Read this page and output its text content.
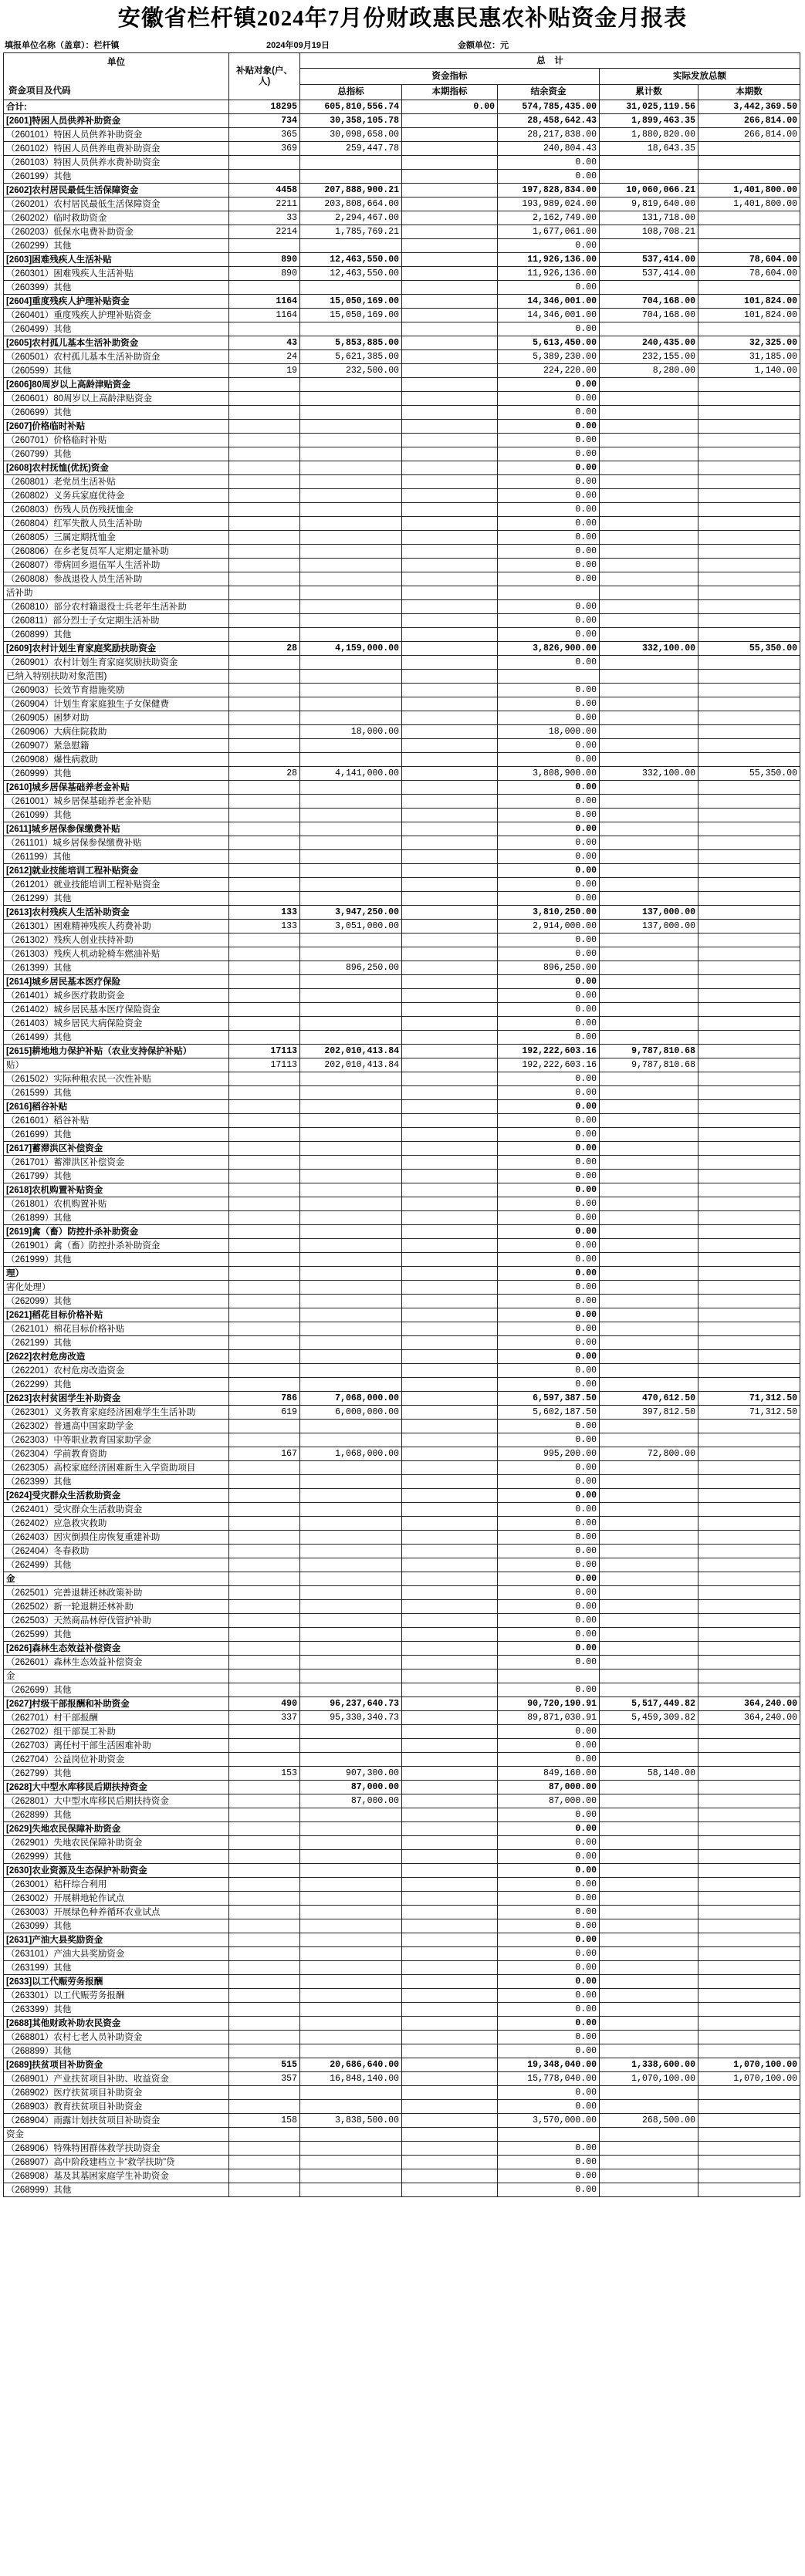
安徽省栏杆镇2024年7月份财政惠民惠农补贴资金月报表
填报单位名称（盖章）：栏杆镇	2024年09月19日	金额单位：元
单位
资金项目及代码	补贴对象(户、人)	总　计				
		资金指标			实际发放总额	
		总指标	本期指标	结余资金	累计数	本期数
合计:	18295	605,810,556.74	0.00	574,785,435.00	31,025,119.56	3,442,369.50
[2601]特困人员供养补助资金	734	30,358,105.78		28,458,642.43	1,899,463.35	266,814.00
（260101）特困人员供养补助资金	365	30,098,658.00		28,217,838.00	1,880,820.00	266,814.00
（260102）特困人员供养电费补助资金	369	259,447.78		240,804.43	18,643.35	
（260103）特困人员供养水费补助资金				0.00		
（260199）其他				0.00		
[2602]农村居民最低生活保障资金	4458	207,888,900.21		197,828,834.00	10,060,066.21	1,401,800.00
（260201）农村居民最低生活保障资金	2211	203,808,664.00		193,989,024.00	9,819,640.00	1,401,800.00
（260202）临时救助资金	33	2,294,467.00		2,162,749.00	131,718.00	
（260203）低保水电费补助资金	2214	1,785,769.21		1,677,061.00	108,708.21	
（260299）其他				0.00		
[2603]困难残疾人生活补贴	890	12,463,550.00		11,926,136.00	537,414.00	78,604.00
（260301）困难残疾人生活补贴	890	12,463,550.00		11,926,136.00	537,414.00	78,604.00
（260399）其他				0.00		
[2604]重度残疾人护理补贴资金	1164	15,050,169.00		14,346,001.00	704,168.00	101,824.00
（260401）重度残疾人护理补贴资金	1164	15,050,169.00		14,346,001.00	704,168.00	101,824.00
（260499）其他				0.00		
[2605]农村孤儿基本生活补助资金	43	5,853,885.00		5,613,450.00	240,435.00	32,325.00
（260501）农村孤儿基本生活补助资金	24	5,621,385.00		5,389,230.00	232,155.00	31,185.00
（260599）其他	19	232,500.00		224,220.00	8,280.00	1,140.00
[2606]80周岁以上高龄津贴资金				0.00		
（260601）80周岁以上高龄津贴资金				0.00		
（260699）其他				0.00		
[2607]价格临时补贴				0.00		
（260701）价格临时补贴				0.00		
（260799）其他				0.00		
[2608]农村抚恤(优抚)资金				0.00		
（260801）老党员生活补贴				0.00		
（260802）义务兵家庭优待金				0.00		
（260803）伤残人员伤残抚恤金				0.00		
（260804）红军失散人员生活补助				0.00		
（260805）三属定期抚恤金				0.00		
（260806）在乡老复员军人定期定量补助				0.00		
（260807）带病回乡退伍军人生活补助				0.00		
（260808）参战退役人员生活补助				0.00		
活补助						
（260810）部分农村籍退役士兵老年生活补助				0.00		
（260811）部分烈士子女定期生活补助				0.00		
（260899）其他				0.00		
[2609]农村计划生育家庭奖励扶助资金	28	4,159,000.00		3,826,900.00	332,100.00	55,350.00
（260901）农村计划生育家庭奖励扶助资金				0.00		
已纳入特别扶助对象范围)						
（260903）长效节育措施奖励				0.00		
（260904）计划生育家庭独生子女保健费				0.00		
（260905）困梦对助				0.00		
（260906）大病住院救助		18,000.00		18,000.00		
（260907）紧急慰籍				0.00		
（260908）爆性病救助				0.00		
（260999）其他	28	4,141,000.00		3,808,900.00	332,100.00	55,350.00
[2610]城乡居保基础养老金补贴				0.00		
（261001）城乡居保基础养老金补贴				0.00		
（261099）其他				0.00		
[2611]城乡居保参保缴费补贴				0.00		
（261101）城乡居保参保缴费补贴				0.00		
（261199）其他				0.00		
[2612]就业技能培训工程补贴资金				0.00		
（261201）就业技能培训工程补贴资金				0.00		
（261299）其他				0.00		
[2613]农村残疾人生活补助资金	133	3,947,250.00		3,810,250.00	137,000.00	
（261301）困难精神残疾人药费补助	133	3,051,000.00		2,914,000.00	137,000.00	
（261302）残疾人创业扶持补助				0.00		
（261303）残疾人机动轮椅车燃油补贴				0.00		
（261399）其他		896,250.00		896,250.00		
[2614]城乡居民基本医疗保险				0.00		
（261401）城乡医疗救助资金				0.00		
（261402）城乡居民基本医疗保险资金				0.00		
（261403）城乡居民大病保险资金				0.00		
（261499）其他				0.00		
[2615]耕地地力保护补贴（农业支持保护补贴）	17113	202,010,413.84		192,222,603.16	9,787,810.68	
贴）	17113	202,010,413.84		192,222,603.16	9,787,810.68	
（261502）实际种粮农民一次性补贴				0.00		
（261599）其他				0.00		
[2616]稻谷补贴				0.00		
（261601）稻谷补贴				0.00		
（261699）其他				0.00		
[2617]蓄滞洪区补偿资金				0.00		
（261701）蓄滞洪区补偿资金				0.00		
（261799）其他				0.00		
[2618]农机购置补贴资金				0.00		
（261801）农机购置补贴				0.00		
（261899）其他				0.00		
[2619]禽（畜）防控扑杀补助资金				0.00		
（261901）禽（畜）防控扑杀补助资金				0.00		
（261999）其他				0.00		
理）				0.00		
害化处理）				0.00		
（262099）其他				0.00		
[2621]稻花目标价格补贴				0.00		
（262101）棉花目标价格补贴				0.00		
（262199）其他				0.00		
[2622]农村危房改造				0.00		
（262201）农村危房改造资金				0.00		
（262299）其他				0.00		
[2623]农村贫困学生补助资金	786	7,068,000.00		6,597,387.50	470,612.50	71,312.50
（262301）义务教育家庭经济困难学生生活补助	619	6,000,000.00		5,602,187.50	397,812.50	71,312.50
（262302）普通高中国家助学金				0.00		
（262303）中等职业教育国家助学金				0.00		
（262304）学前教育资助	167	1,068,000.00		995,200.00	72,800.00	
（262305）高校家庭经济困难新生入学资助项目				0.00		
（262399）其他				0.00		
[2624]受灾群众生活救助资金				0.00		
（262401）受灾群众生活救助资金				0.00		
（262402）应急救灾救助				0.00		
（262403）因灾倒损住房恢复重建补助				0.00		
（262404）冬春救助				0.00		
（262499）其他				0.00		
金				0.00		
（262501）完善退耕还林政策补助				0.00		
（262502）新一轮退耕还林补助				0.00		
（262503）天然商品林停伐管护补助				0.00		
（262599）其他				0.00		
[2626]森林生态效益补偿资金				0.00		
（262601）森林生态效益补偿资金				0.00		
金						
（262699）其他				0.00		
[2627]村级干部报酬和补助资金	490	96,237,640.73		90,720,190.91	5,517,449.82	364,240.00
（262701）村干部报酬	337	95,330,340.73		89,871,030.91	5,459,309.82	364,240.00
（262702）组干部误工补助				0.00		
（262703）离任村干部生活困难补助				0.00		
（262704）公益岗位补助资金				0.00		
（262799）其他	153	907,300.00		849,160.00	58,140.00	
[2628]大中型水库移民后期扶持资金		87,000.00		87,000.00		
（262801）大中型水库移民后期扶持资金		87,000.00		87,000.00		
（262899）其他				0.00		
[2629]失地农民保障补助资金				0.00		
（262901）失地农民保障补助资金				0.00		
（262999）其他				0.00		
[2630]农业资源及生态保护补助资金				0.00		
（263001）秸秆综合利用				0.00		
（263002）开展耕地轮作试点				0.00		
（263003）开展绿色种养循环农业试点				0.00		
（263099）其他				0.00		
[2631]产油大县奖励资金				0.00		
（263101）产油大县奖励资金				0.00		
（263199）其他				0.00		
[2633]以工代赈劳务报酬				0.00		
（263301）以工代赈劳务报酬				0.00		
（263399）其他				0.00		
[2688]其他财政补助农民资金				0.00		
（268801）农村七老人员补助资金				0.00		
（268899）其他				0.00		
[2689]扶贫项目补助资金	515	20,686,640.00		19,348,040.00	1,338,600.00	1,070,100.00
（268901）产业扶贫项目补助、收益资金	357	16,848,140.00		15,778,040.00	1,070,100.00	1,070,100.00
（268902）医疗扶贫项目补助资金				0.00		
（268903）教育扶贫项目补助资金				0.00		
（268904）雨露计划扶贫项目补助资金	158	3,838,500.00		3,570,000.00	268,500.00	
资金						
（268906）特殊特困群体救学扶助资金				0.00		
（268907）高中阶段建档立卡“救学扶助”贷				0.00		
（268908）基及其基困家庭学生补助资金				0.00		
（268999）其他				0.00		
